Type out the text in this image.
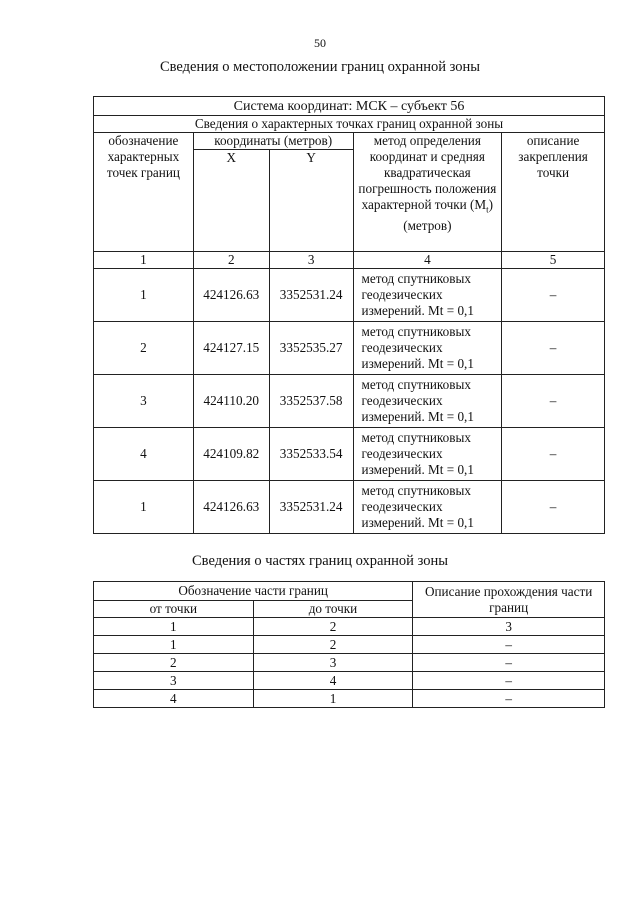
50
Сведения о местоположении границ охранной зоны
Система координат: МСК – субъект 56				
Сведения о характерных точках границ охранной зоны				
обозначение характерных точек границ	координаты (метров)		метод определения координат и средняя квадратическая погрешность положения характерной точки $(M_t)$ (метров)	описание закрепления точки
	X	Y		
1	2	3	4	5
1	424126.63	3352531.24	метод спутниковых геодезических измерений. Mt = 0,1	–
2	424127.15	3352535.27	метод спутниковых геодезических измерений. Mt = 0,1	–
3	424110.20	3352537.58	метод спутниковых геодезических измерений. Mt = 0,1	–
4	424109.82	3352533.54	метод спутниковых геодезических измерений. Mt = 0,1	–
1	424126.63	3352531.24	метод спутниковых геодезических измерений. Mt = 0,1	–
Сведения о частях границ охранной зоны
Обозначение части границ		Описание прохождения части границ
от точки	до точки	
1	2	3
1	2	–
2	3	–
3	4	–
4	1	–
